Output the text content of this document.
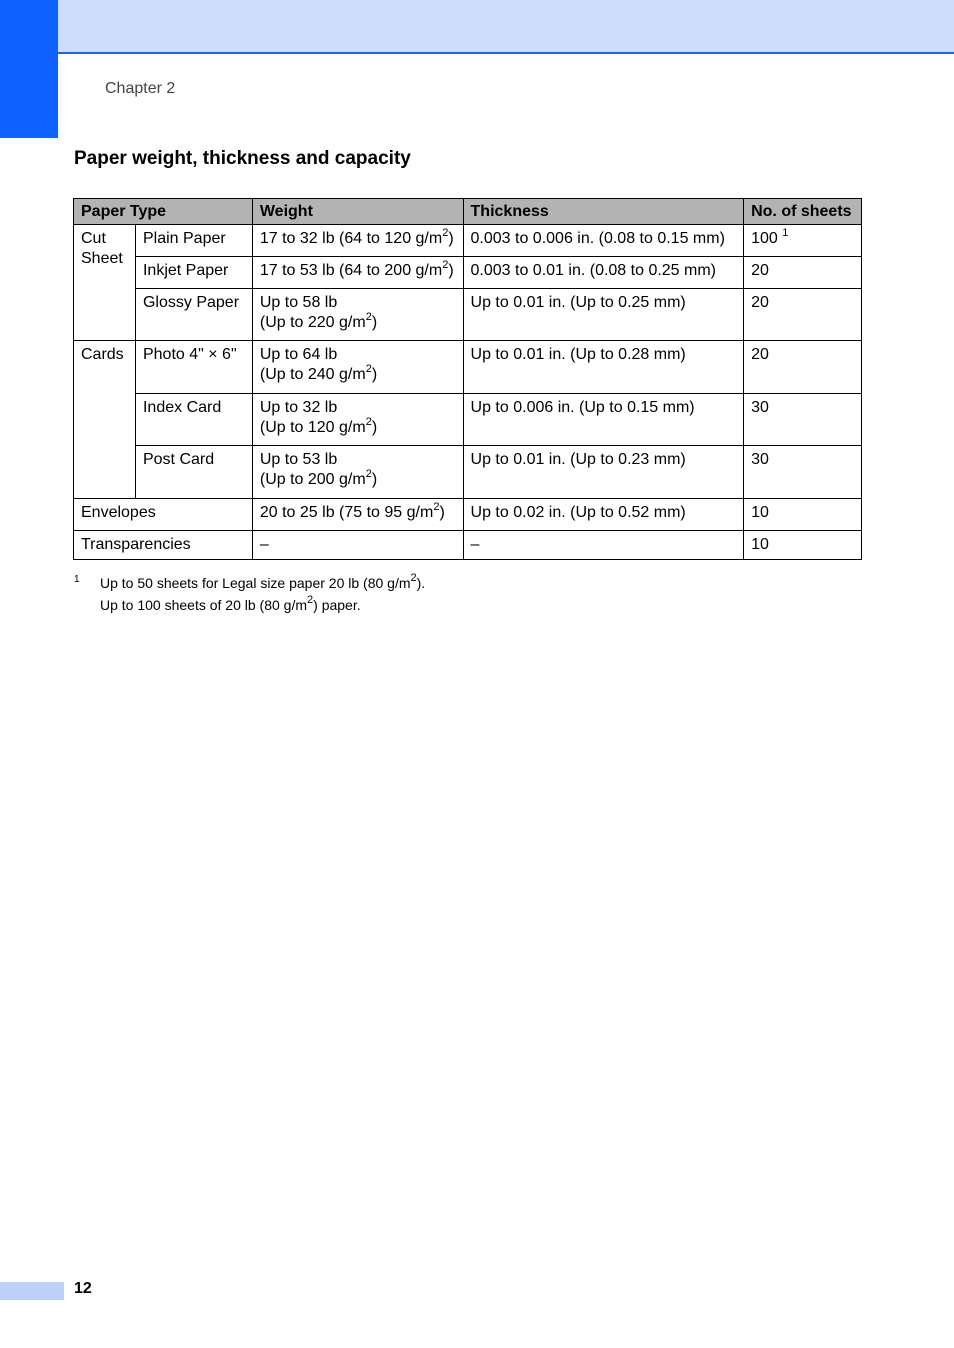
Chapter 2
Paper weight, thickness and capacity
Paper Type		Weight	Thickness	No. of sheets
Cut Sheet	Plain Paper	17 to 32 lb (64 to 120 $g/m^2$)	0.003 to 0.006 in. (0.08 to 0.15 mm)	100 $^1$
	Inkjet Paper	17 to 53 lb (64 to 200 $g/m^2$)	0.003 to 0.01 in. (0.08 to 0.25 mm)	20
	Glossy Paper	Up to 58 lb
(Up to 220 $g/m^2$)	Up to 0.01 in. (Up to 0.25 mm)	20
Cards	Photo 4" × 6"	Up to 64 lb
(Up to 240 $g/m^2$)	Up to 0.01 in. (Up to 0.28 mm)	20
	Index Card	Up to 32 lb
(Up to 120 $g/m^2$)	Up to 0.006 in. (Up to 0.15 mm)	30
	Post Card	Up to 53 lb
(Up to 200 $g/m^2$)	Up to 0.01 in. (Up to 0.23 mm)	30
Envelopes		20 to 25 lb (75 to 95 $g/m^2$)	Up to 0.02 in. (Up to 0.52 mm)	10
Transparencies		–	–	10
1 Up to 50 sheets for Legal size paper 20 lb (80 $g/m^2$).
Up to 100 sheets of 20 lb (80 $g/m^2$) paper.
12
